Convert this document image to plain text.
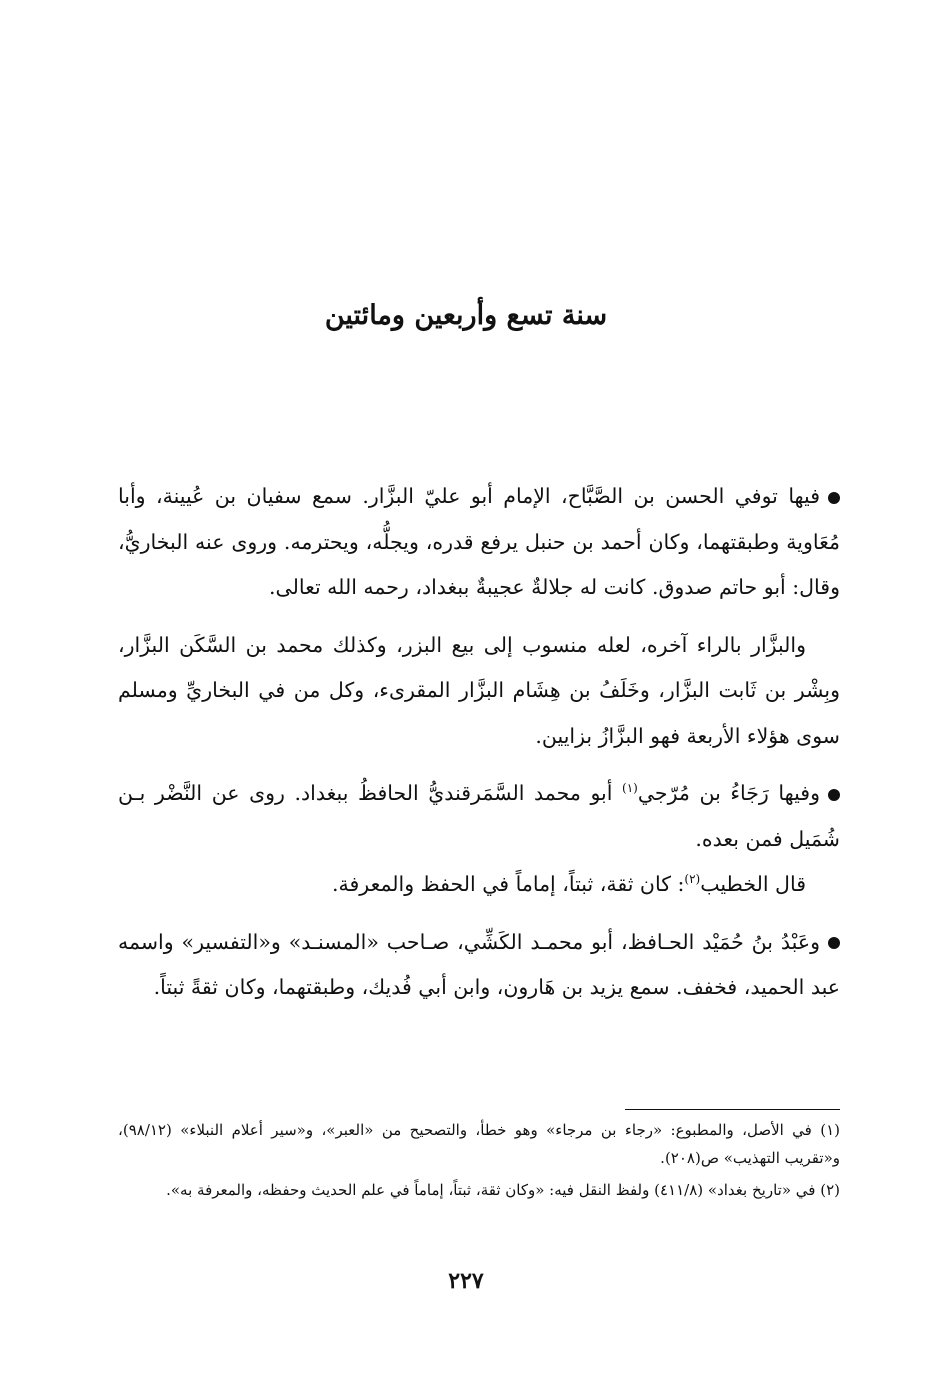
سنة تسع وأربعين ومائتين

فيها توفي الحسن بن الصَّبَّاح، الإمام أبو عليّ البزَّار. سمع سفيان بن عُيينة، وأبا مُعَاوية وطبقتهما، وكان أحمد بن حنبل يرفع قدره، ويجلُّه، ويحترمه. وروى عنه البخاريُّ، وقال: أبو حاتم صدوق. كانت له جلالةٌ عجيبةٌ ببغداد، رحمه الله تعالى.

والبزَّار بالراء آخره، لعله منسوب إلى بيع البزر، وكذلك محمد بن السَّكَن البزَّار، وبِشْر بن ثَابت البزَّار، وخَلَفُ بن هِشَام البزَّار المقرىء، وكل من في البخاريِّ ومسلم سوى هؤلاء الأربعة فهو البزَّازُ بزايين.

وفيها رَجَاءُ بن مُرّجي$^{(١)}$ أبو محمد السَّمَرقنديُّ الحافظُ ببغداد. روى عن النَّضْر بـن شُمَيل فمن بعده.

قال الخطيب$^{(٢)}$: كان ثقة، ثبتاً، إماماً في الحفظ والمعرفة.

وعَبْدُ بنُ حُمَيْد الحـافظ، أبو محمـد الكَشِّي، صـاحب «المسنـد» و«التفسير» واسمه عبد الحميد، فخفف. سمع يزيد بن هَارون، وابن أبي فُديك، وطبقتهما، وكان ثقةً ثبتاً.

(١) في الأصل، والمطبوع: «رجاء بن مرجاء» وهو خطأ، والتصحيح من «العبر»، و«سير أعلام النبلاء» (٩٨/١٢)، و«تقريب التهذيب» ص(٢٠٨).

(٢) في «تاريخ بغداد» (٤١١/٨) ولفظ النقل فيه: «وكان ثقة، ثبتاً، إماماً في علم الحديث وحفظه، والمعرفة به».

٢٢٧
